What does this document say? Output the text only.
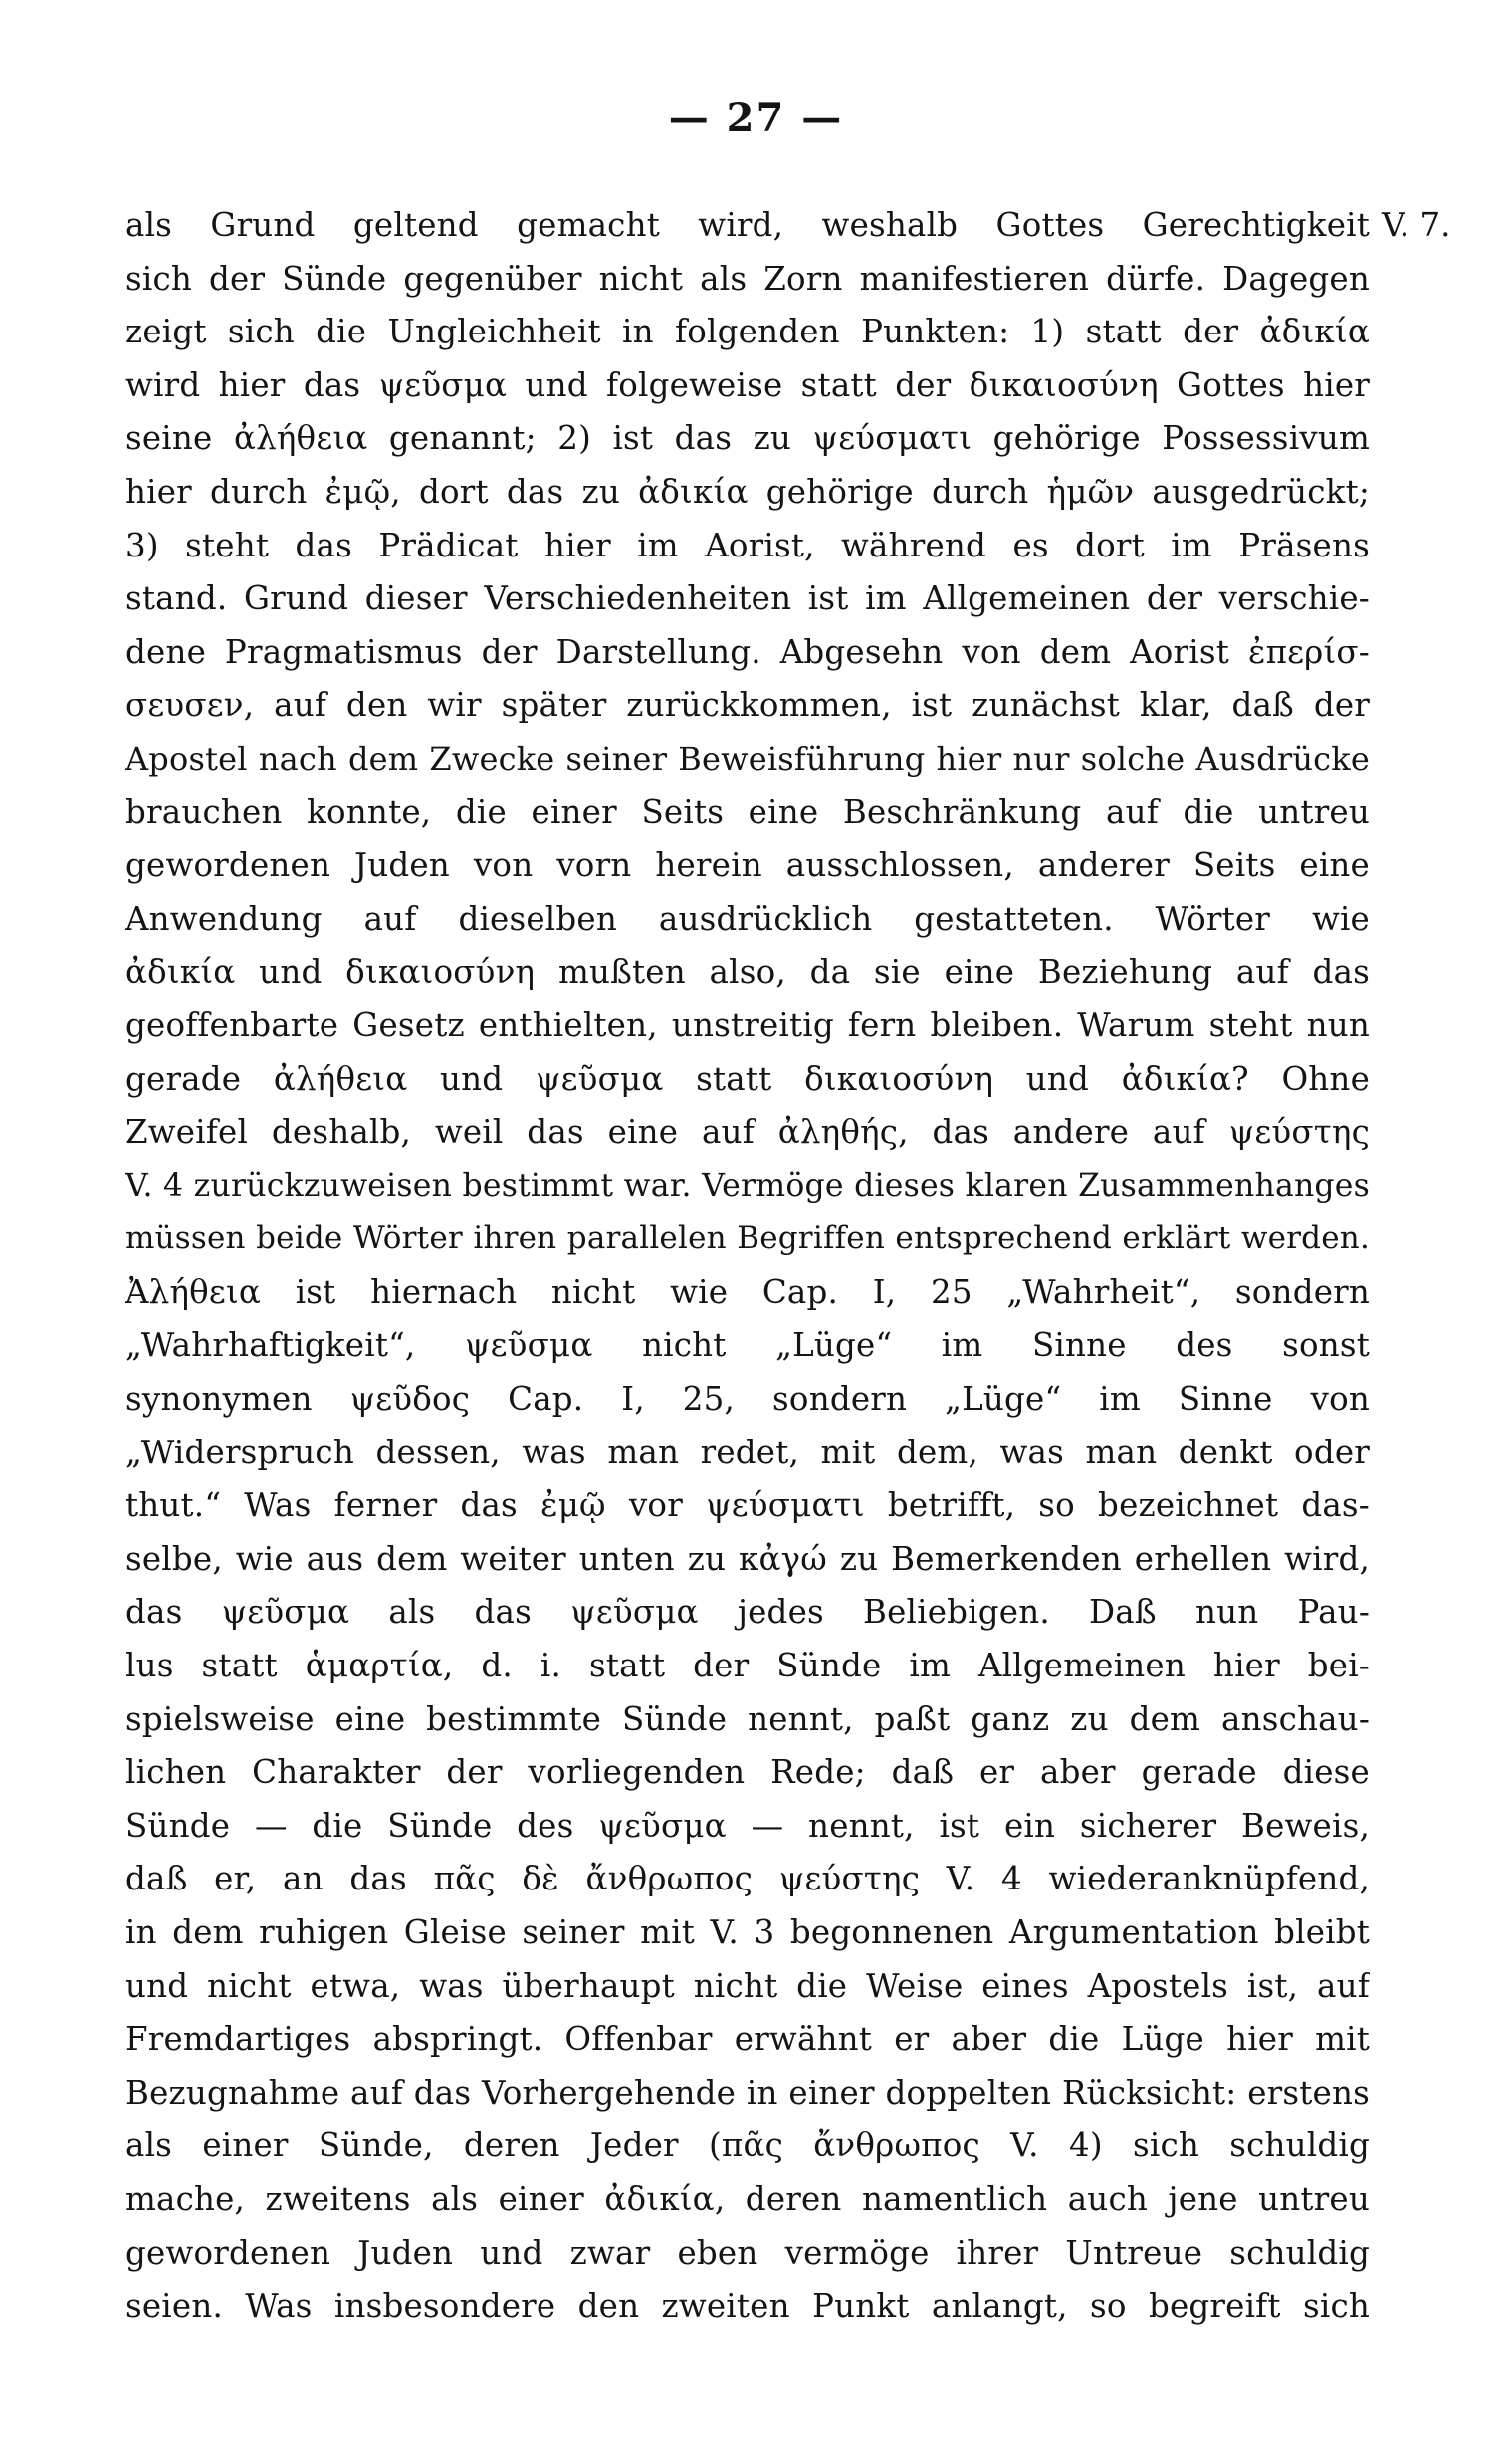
— 27 —
V. 7.
als Grund geltend gemacht wird, weshalb Gottes Gerechtigkeit
sich der Sünde gegenüber nicht als Zorn manifestieren dürfe. Dagegen
zeigt sich die Ungleichheit in folgenden Punkten: 1) statt der ἀδικία
wird hier das ψεῦσμα und folgeweise statt der δικαιοσύνη Gottes hier
seine ἀλήθεια genannt; 2) ist das zu ψεύσματι gehörige Possessivum
hier durch ἐμῷ, dort das zu ἀδικία gehörige durch ἡμῶν ausgedrückt;
3) steht das Prädicat hier im Aorist, während es dort im Präsens
stand. Grund dieser Verschiedenheiten ist im Allgemeinen der verschie-
dene Pragmatismus der Darstellung. Abgesehn von dem Aorist ἐπερίσ-
σευσεν, auf den wir später zurückkommen, ist zunächst klar, daß der
Apostel nach dem Zwecke seiner Beweisführung hier nur solche Ausdrücke
brauchen konnte, die einer Seits eine Beschränkung auf die untreu
gewordenen Juden von vorn herein ausschlossen, anderer Seits eine
Anwendung auf dieselben ausdrücklich gestatteten. Wörter wie
ἀδικία und δικαιοσύνη mußten also, da sie eine Beziehung auf das
geoffenbarte Gesetz enthielten, unstreitig fern bleiben. Warum steht nun
gerade ἀλήθεια und ψεῦσμα statt δικαιοσύνη und ἀδικία? Ohne
Zweifel deshalb, weil das eine auf ἀληθής, das andere auf ψεύστης
V. 4 zurückzuweisen bestimmt war. Vermöge dieses klaren Zusammenhanges
müssen beide Wörter ihren parallelen Begriffen entsprechend erklärt werden.
Ἀλήθεια ist hiernach nicht wie Cap. I, 25 „Wahrheit“, sondern
„Wahrhaftigkeit“, ψεῦσμα nicht „Lüge“ im Sinne des sonst
synonymen ψεῦδος Cap. I, 25, sondern „Lüge“ im Sinne von
„Widerspruch dessen, was man redet, mit dem, was man denkt oder
thut.“ Was ferner das ἐμῷ vor ψεύσματι betrifft, so bezeichnet das-
selbe, wie aus dem weiter unten zu κἀγώ zu Bemerkenden erhellen wird,
das ψεῦσμα als das ψεῦσμα jedes Beliebigen. Daß nun Pau-
lus statt ἁμαρτία, d. i. statt der Sünde im Allgemeinen hier bei-
spielsweise eine bestimmte Sünde nennt, paßt ganz zu dem anschau-
lichen Charakter der vorliegenden Rede; daß er aber gerade diese
Sünde — die Sünde des ψεῦσμα — nennt, ist ein sicherer Beweis,
daß er, an das πᾶς δὲ ἄνθρωπος ψεύστης V. 4 wiederanknüpfend,
in dem ruhigen Gleise seiner mit V. 3 begonnenen Argumentation bleibt
und nicht etwa, was überhaupt nicht die Weise eines Apostels ist, auf
Fremdartiges abspringt. Offenbar erwähnt er aber die Lüge hier mit
Bezugnahme auf das Vorhergehende in einer doppelten Rücksicht: erstens
als einer Sünde, deren Jeder (πᾶς ἄνθρωπος V. 4) sich schuldig
mache, zweitens als einer ἀδικία, deren namentlich auch jene untreu
gewordenen Juden und zwar eben vermöge ihrer Untreue schuldig
seien. Was insbesondere den zweiten Punkt anlangt, so begreift sich
